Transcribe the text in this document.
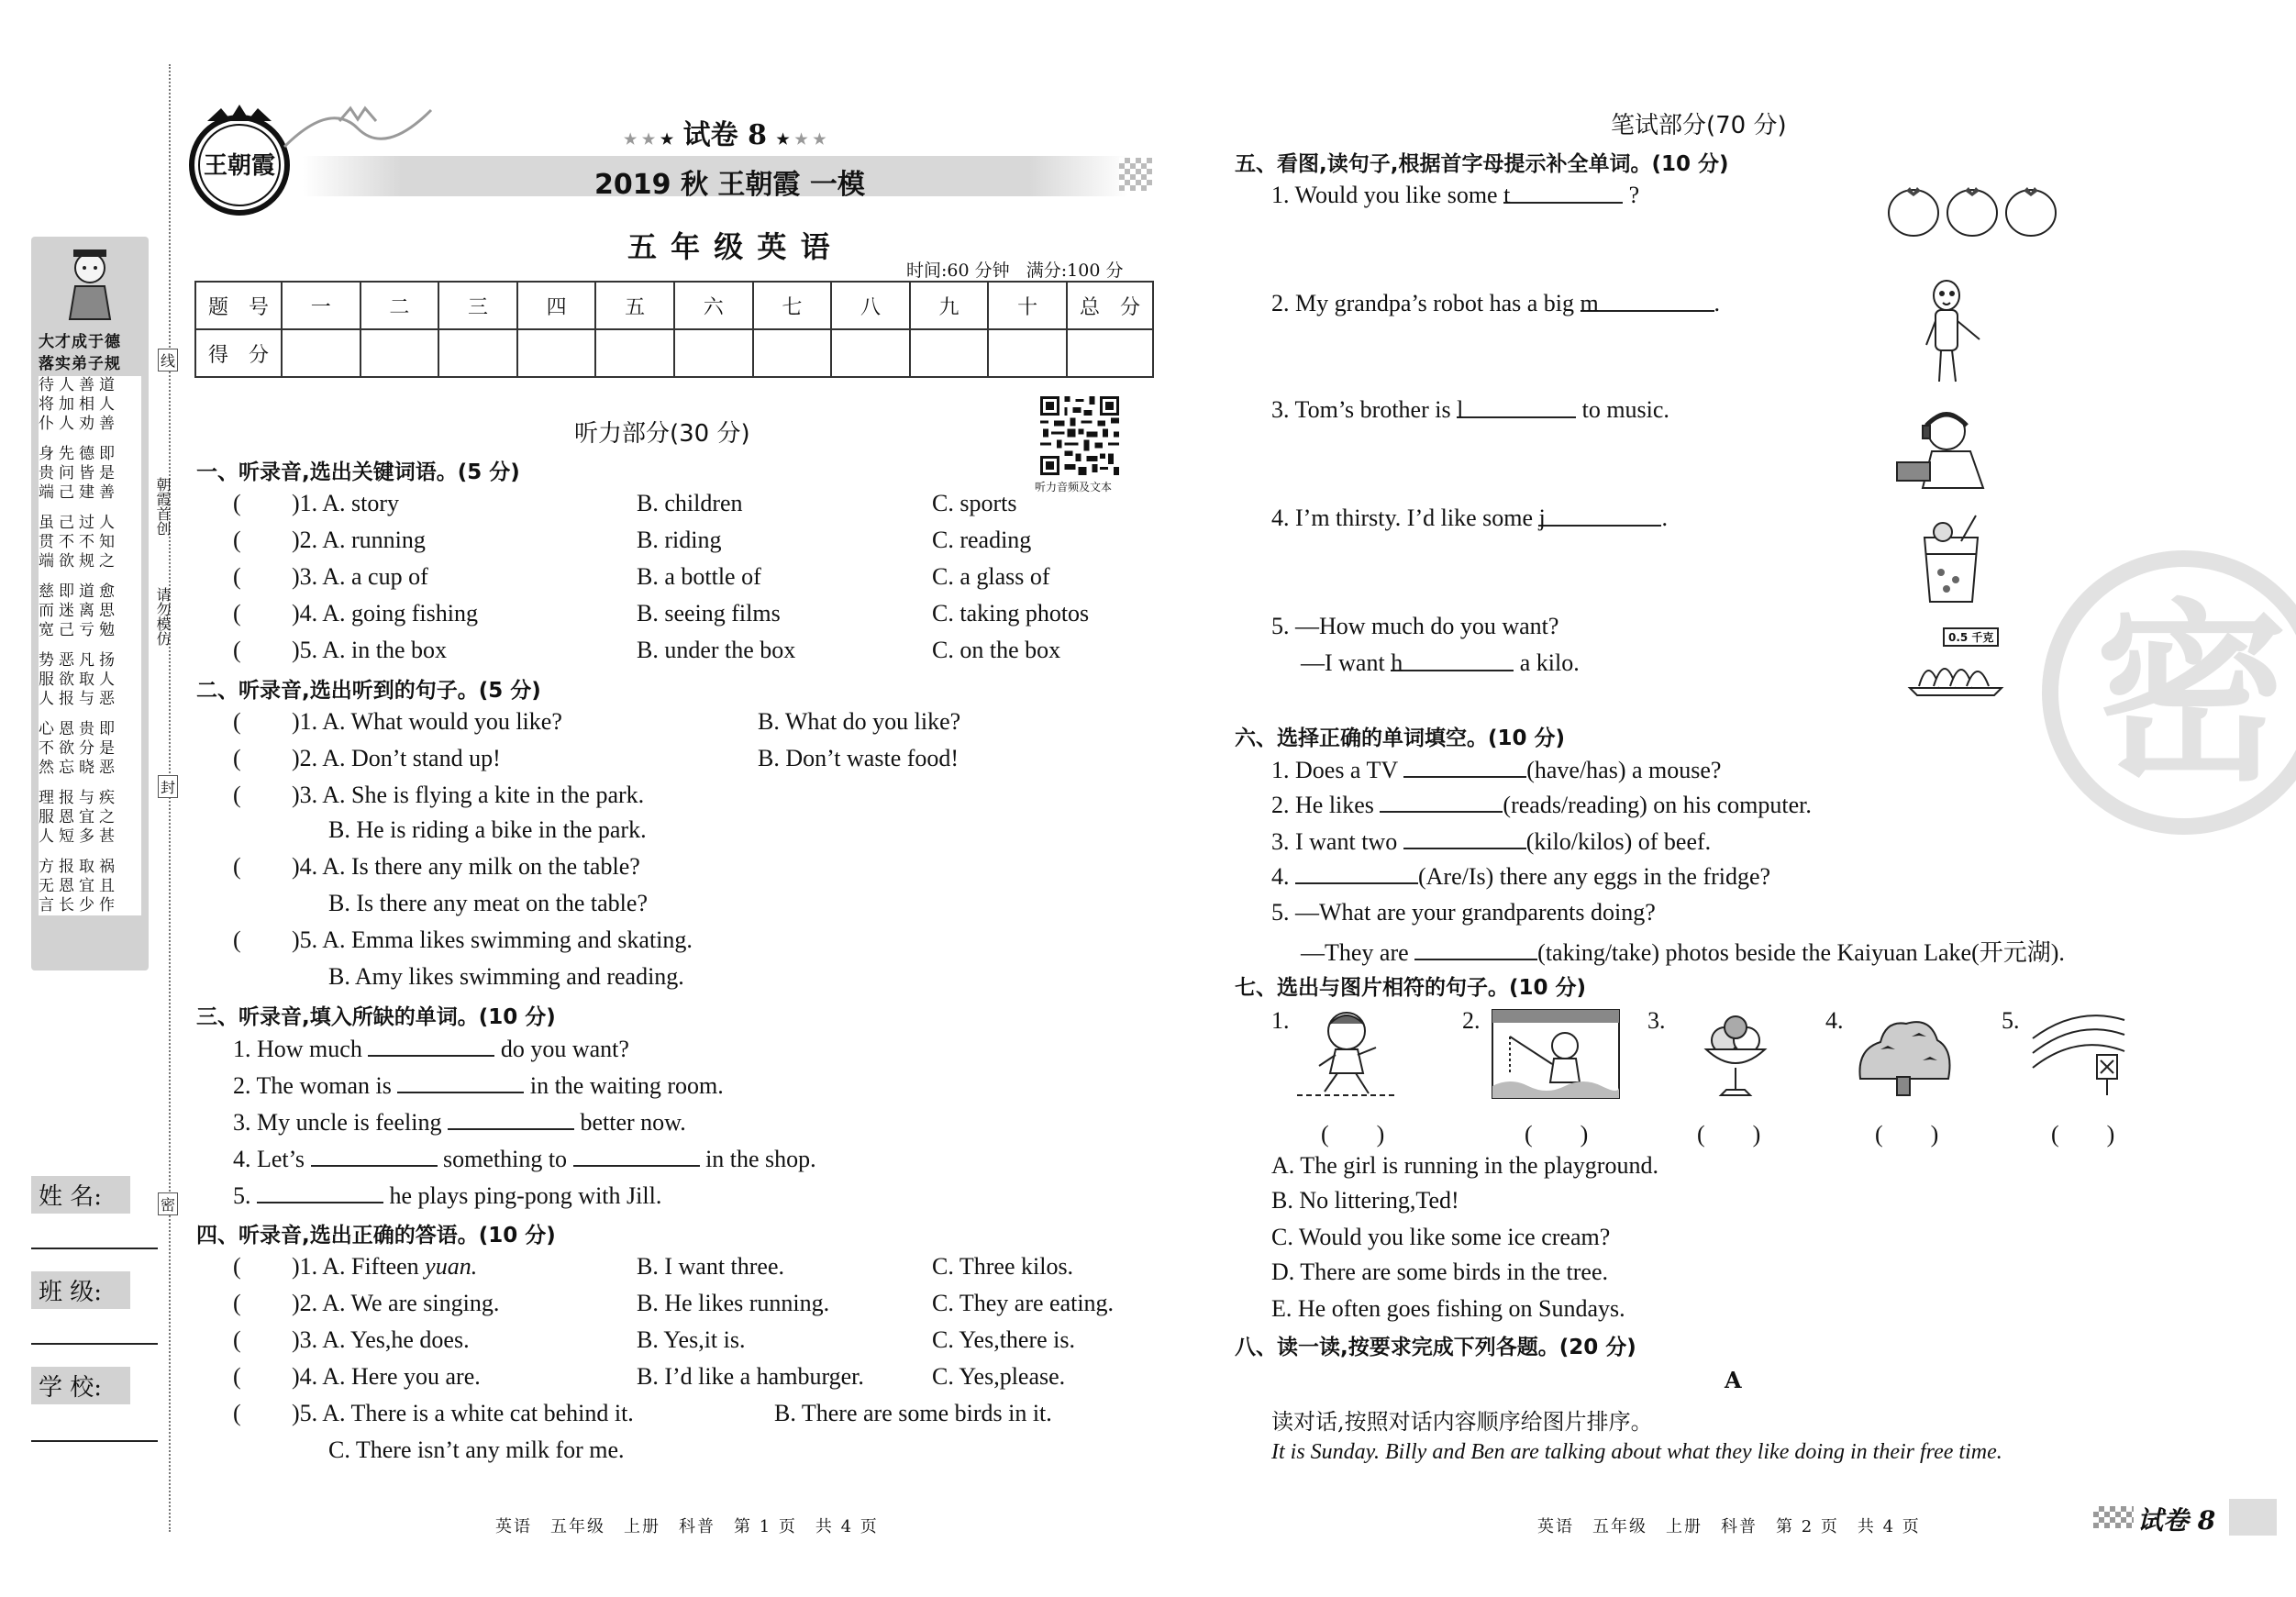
大才成于德
落实弟子规
待人善道
将加相人
仆人劝善
身先德即
贵问皆是
端己建善
虽己过人
贯不不知
端欲规之
慈即道愈
而迷离思
宽己亏勉
势恶凡扬
服欲取人
人报与恶
心恩贵即
不欲分是
然忘晓恶
理报与疾
服恩宜之
人短多甚
方报取祸
无恩宜且
言长少作
朝霞首创
请勿模仿
线
封
密
姓 名:
班 级:
学 校:
王朝霞
★ ★ ★ 试卷 8 ★ ★ ★
2019 秋 王朝霞 一模
五 年 级 英 语
时间:60 分钟   满分:100 分
题　号	一	二	三	四	五	六	七	八	九	十	总　分
得　分											
听力音频及文本
听力部分(30 分)
一、听录音,选出关键词语。(5 分)
( )1. A. story	B. children	C. sports
( )2. A. running	B. riding	C. reading
( )3. A. a cup of	B. a bottle of	C. a glass of
( )4. A. going fishing	B. seeing films	C. taking photos
( )5. A. in the box	B. under the box	C. on the box
二、听录音,选出听到的句子。(5 分)
( )1. A. What would you like?	B. What do you like?
( )2. A. Don’t stand up!	B. Don’t waste food!
( )3. A. She is flying a kite in the park.
B. He is riding a bike in the park.
( )4. A. Is there any milk on the table?
B. Is there any meat on the table?
( )5. A. Emma likes swimming and skating.
B. Amy likes swimming and reading.
三、听录音,填入所缺的单词。(10 分)
1. How much	do you want?
2. The woman is	in the waiting room.
3. My uncle is feeling	better now.
4. Let’s	something to	in the shop.
5.	he plays ping-pong with Jill.
四、听录音,选出正确的答语。(10 分)
( )1. A. Fifteen yuan.	B. I want three.	C. Three kilos.
( )2. A. We are singing.	B. He likes running.	C. They are eating.
( )3. A. Yes,he does.	B. Yes,it is.	C. Yes,there is.
( )4. A. Here you are.	B. I’d like a hamburger.	C. Yes,please.
( )5. A. There is a white cat behind it.	B. There are some birds in it.
C. There isn’t any milk for me.
英语　五年级　上册　科普　第 1 页　共 4 页
笔试部分(70 分)
五、看图,读句子,根据首字母提示补全单词。(10 分)
1. Would you like some t	?
2. My grandpa’s robot has a big m	.
3. Tom’s brother is l	to music.
4. I’m thirsty. I’d like some j	.
5. —How much do you want?
—I want h	a kilo.
0.5 千克
六、选择正确的单词填空。(10 分)
1. Does a TV	(have/has) a mouse?
2. He likes	(reads/reading) on his computer.
3. I want two	(kilo/kilos) of beef.
4.	(Are/Is) there any eggs in the fridge?
5. —What are your grandparents doing?
—They are	(taking/take) photos beside the Kaiyuan Lake(开元湖).
七、选出与图片相符的句子。(10 分)
1.	2.	3.	4.	5.
(　　)	(　　)	(　　)	(　　)	(　　)
A. The girl is running in the playground.
B. No littering,Ted!
C. Would you like some ice cream?
D. There are some birds in the tree.
E. He often goes fishing on Sundays.
八、读一读,按要求完成下列各题。(20 分)
A
读对话,按照对话内容顺序给图片排序。
It is Sunday. Billy and Ben are talking about what they like doing in their free time.
密
英语　五年级　上册　科普　第 2 页　共 4 页	试卷 8
